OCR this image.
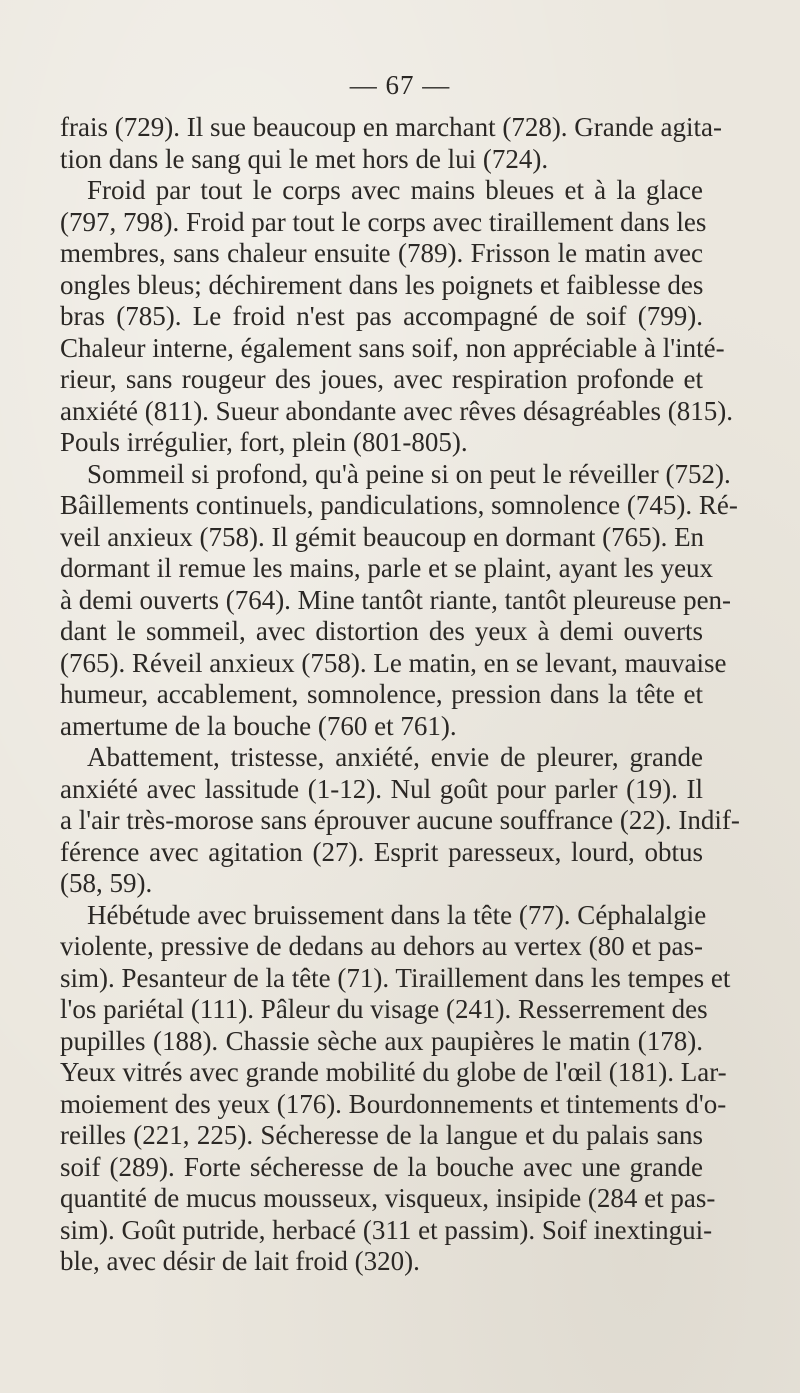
— 67 —

frais (729). Il sue beaucoup en marchant (728). Grande agita-
tion dans le sang qui le met hors de lui (724).

Froid par tout le corps avec mains bleues et à la glace
(797, 798). Froid par tout le corps avec tiraillement dans les
membres, sans chaleur ensuite (789). Frisson le matin avec
ongles bleus; déchirement dans les poignets et faiblesse des
bras (785). Le froid n'est pas accompagné de soif (799).
Chaleur interne, également sans soif, non appréciable à l'inté-
rieur, sans rougeur des joues, avec respiration profonde et
anxiété (811). Sueur abondante avec rêves désagréables (815).
Pouls irrégulier, fort, plein (801-805).

Sommeil si profond, qu'à peine si on peut le réveiller (752).
Bâillements continuels, pandiculations, somnolence (745). Ré-
veil anxieux (758). Il gémit beaucoup en dormant (765). En
dormant il remue les mains, parle et se plaint, ayant les yeux
à demi ouverts (764). Mine tantôt riante, tantôt pleureuse pen-
dant le sommeil, avec distortion des yeux à demi ouverts
(765). Réveil anxieux (758). Le matin, en se levant, mauvaise
humeur, accablement, somnolence, pression dans la tête et
amertume de la bouche (760 et 761).

Abattement, tristesse, anxiété, envie de pleurer, grande
anxiété avec lassitude (1-12). Nul goût pour parler (19). Il
a l'air très-morose sans éprouver aucune souffrance (22). Indif-
férence avec agitation (27). Esprit paresseux, lourd, obtus
(58, 59).

Hébétude avec bruissement dans la tête (77). Céphalalgie
violente, pressive de dedans au dehors au vertex (80 et pas-
sim). Pesanteur de la tête (71). Tiraillement dans les tempes et
l'os pariétal (111). Pâleur du visage (241). Resserrement des
pupilles (188). Chassie sèche aux paupières le matin (178).
Yeux vitrés avec grande mobilité du globe de l'œil (181). Lar-
moiement des yeux (176). Bourdonnements et tintements d'o-
reilles (221, 225). Sécheresse de la langue et du palais sans
soif (289). Forte sécheresse de la bouche avec une grande
quantité de mucus mousseux, visqueux, insipide (284 et pas-
sim). Goût putride, herbacé (311 et passim). Soif inextingui-
ble, avec désir de lait froid (320).
